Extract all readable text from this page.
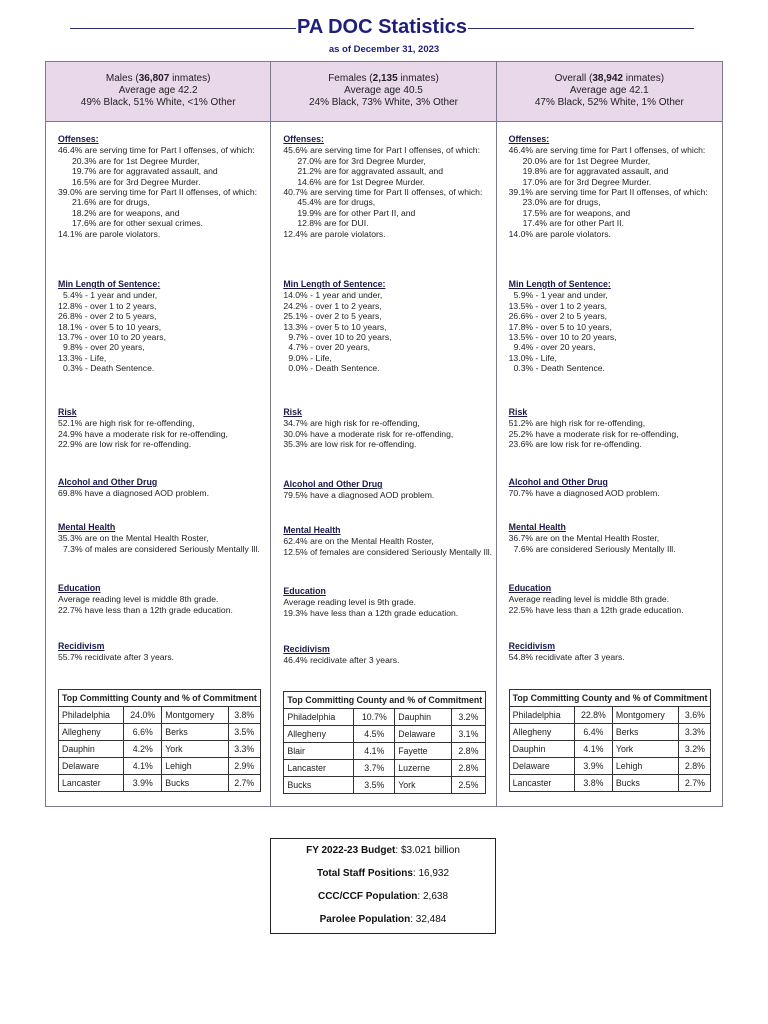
PA DOC Statistics
as of December 31, 2023
Males (36,807 inmates)
Average age 42.2
49% Black, 51% White, <1% Other
Offenses:
46.4% are serving time for Part I offenses, of which:
20.3% are for 1st Degree Murder,
19.7% are for aggravated assault, and
16.5% are for 3rd Degree Murder.
39.0% are serving time for Part II offenses, of which:
21.6% are for drugs,
18.2% are for weapons, and
17.6% are for other sexual crimes.
14.1% are parole violators.
Min Length of Sentence:
5.4% - 1 year and under,
12.8% - over 1 to 2 years,
26.8% - over 2 to 5 years,
18.1% - over 5 to 10 years,
13.7% - over 10 to 20 years,
9.8% - over 20 years,
13.3% - Life,
0.3% - Death Sentence.
Risk
52.1% are high risk for re-offending,
24.9% have a moderate risk for re-offending,
22.9% are low risk for re-offending.
Alcohol and Other Drug
69.8% have a diagnosed AOD problem.
Mental Health
35.3% are on the Mental Health Roster,
7.3% of males are considered Seriously Mentally Ill.
Education
Average reading level is middle 8th grade.
22.7% have less than a 12th grade education.
Recidivism
55.7% recidivate after 3 years.
Top Committing County and % of Commitment			
Philadelphia	24.0%	Montgomery	3.8%
Allegheny	6.6%	Berks	3.5%
Dauphin	4.2%	York	3.3%
Delaware	4.1%	Lehigh	2.9%
Lancaster	3.9%	Bucks	2.7%
Females (2,135 inmates)
Average age 40.5
24% Black, 73% White, 3% Other
Offenses:
45.6% are serving time for Part I offenses, of which:
27.0% are for 3rd Degree Murder,
21.2% are for aggravated assault, and
14.6% are for 1st Degree Murder.
40.7% are serving time for Part II offenses, of which:
45.4% are for drugs,
19.9% are for other Part II, and
12.8% are for DUI.
12.4% are parole violators.
Min Length of Sentence:
14.0% - 1 year and under,
24.2% - over 1 to 2 years,
25.1% - over 2 to 5 years,
13.3% - over 5 to 10 years,
9.7% - over 10 to 20 years,
4.7% - over 20 years,
9.0% - Life,
0.0% - Death Sentence.
Risk
34.7% are high risk for re-offending,
30.0% have a moderate risk for re-offending,
35.3% are low risk for re-offending.
Alcohol and Other Drug
79.5% have a diagnosed AOD problem.
Mental Health
62.4% are on the Mental Health Roster,
12.5% of females are considered Seriously Mentally Ill.
Education
Average reading level is 9th grade.
19.3% have less than a 12th grade education.
Recidivism
46.4% recidivate after 3 years.
Top Committing County and % of Commitment			
Philadelphia	10.7%	Dauphin	3.2%
Allegheny	4.5%	Delaware	3.1%
Blair	4.1%	Fayette	2.8%
Lancaster	3.7%	Luzerne	2.8%
Bucks	3.5%	York	2.5%
Overall (38,942 inmates)
Average age 42.1
47% Black, 52% White, 1% Other
Offenses:
46.4% are serving time for Part I offenses, of which:
20.0% are for 1st Degree Murder,
19.8% are for aggravated assault, and
17.0% are for 3rd Degree Murder.
39.1% are serving time for Part II offenses, of which:
23.0% are for drugs,
17.5% are for weapons, and
17.4% are for other Part II.
14.0% are parole violators.
Min Length of Sentence:
5.9% - 1 year and under,
13.5% - over 1 to 2 years,
26.6% - over 2 to 5 years,
17.8% - over 5 to 10 years,
13.5% - over 10 to 20 years,
9.4% - over 20 years,
13.0% - Life,
0.3% - Death Sentence.
Risk
51.2% are high risk for re-offending,
25.2% have a moderate risk for re-offending,
23.6% are low risk for re-offending.
Alcohol and Other Drug
70.7% have a diagnosed AOD problem.
Mental Health
36.7% are on the Mental Health Roster,
7.6% are considered Seriously Mentally Ill.
Education
Average reading level is middle 8th grade.
22.5% have less than a 12th grade education.
Recidivism
54.8% recidivate after 3 years.
Top Committing County and % of Commitment			
Philadelphia	22.8%	Montgomery	3.6%
Allegheny	6.4%	Berks	3.3%
Dauphin	4.1%	York	3.2%
Delaware	3.9%	Lehigh	2.8%
Lancaster	3.8%	Bucks	2.7%
FY 2022-23 Budget: $3.021 billion
Total Staff Positions: 16,932
CCC/CCF Population: 2,638
Parolee Population: 32,484
